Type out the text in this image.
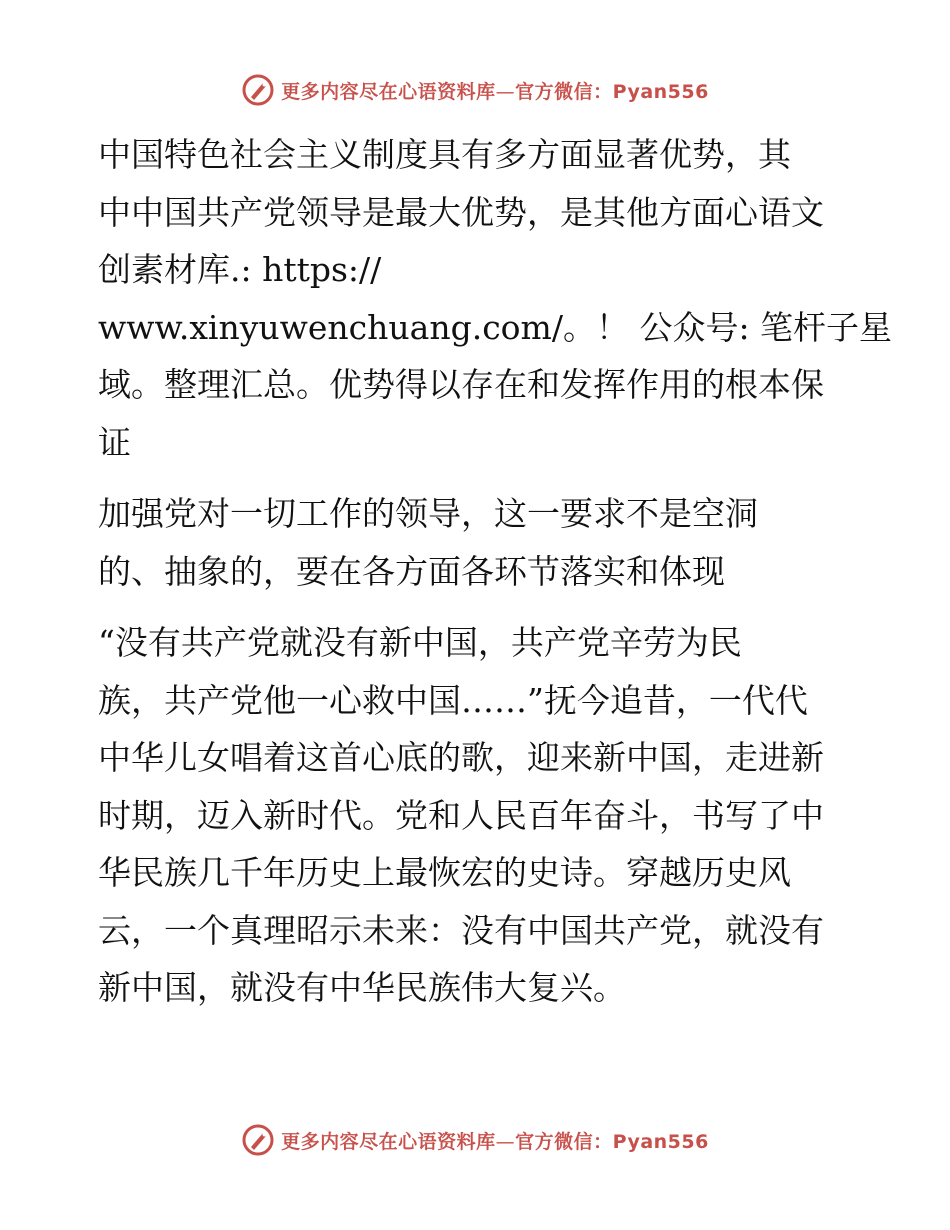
更多内容尽在心语资料库—官方微信：Pyan556

中国特色社会主义制度具有多方面显著优势，其
中中国共产党领导是最大优势，是其他方面心语文
创素材库.: https://
www.xinyuwenchuang.com/。！ 公众号: 笔杆子星
域。整理汇总。优势得以存在和发挥作用的根本保
证

加强党对一切工作的领导，这一要求不是空洞
的、抽象的，要在各方面各环节落实和体现

“没有共产党就没有新中国，共产党辛劳为民
族，共产党他一心救中国……”抚今追昔，一代代
中华儿女唱着这首心底的歌，迎来新中国，走进新
时期，迈入新时代。党和人民百年奋斗，书写了中
华民族几千年历史上最恢宏的史诗。穿越历史风
云，一个真理昭示未来：没有中国共产党，就没有
新中国，就没有中华民族伟大复兴。

更多内容尽在心语资料库—官方微信：Pyan556
